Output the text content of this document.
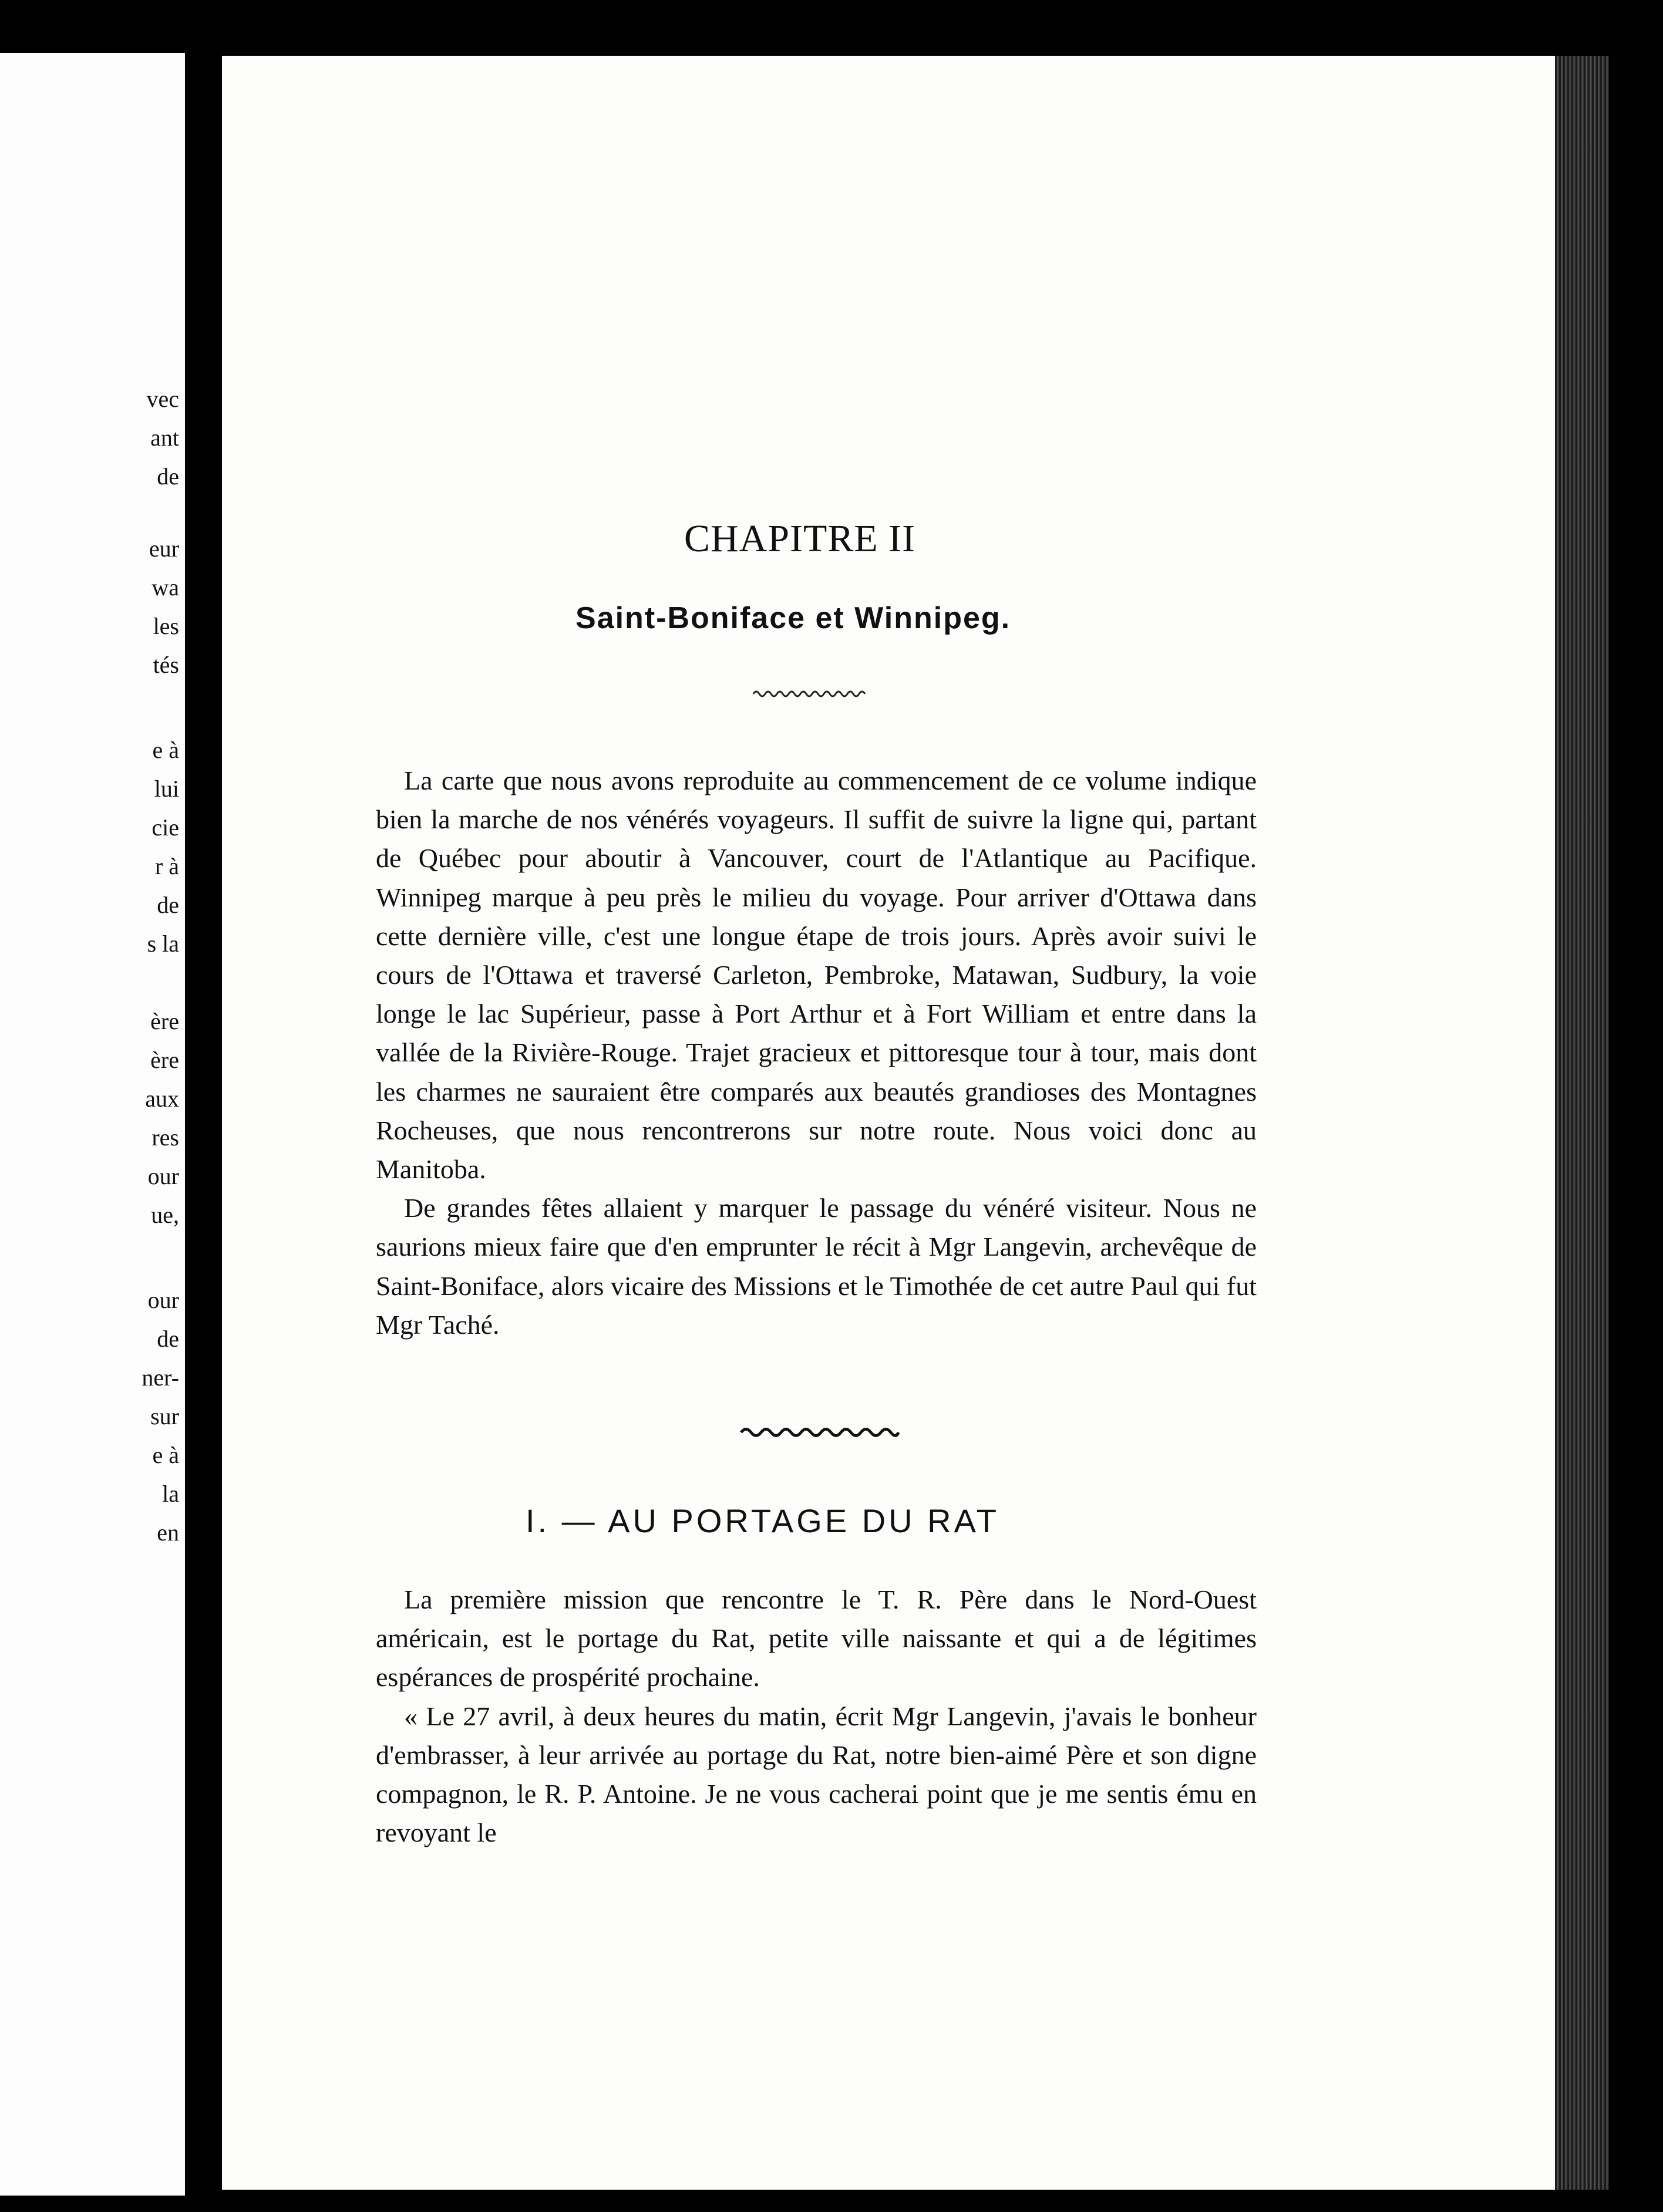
vec
ant
de
eur
wa
les
tés
e à
lui
cie
r à
de
s la
ère
ère
aux
res
our
ue,
our
de
ner-
sur
e à
la
en
CHAPITRE II
Saint-Boniface et Winnipeg.

La carte que nous avons reproduite au commencement de ce volume indique bien la marche de nos vénérés voyageurs. Il suffit de suivre la ligne qui, partant de Québec pour aboutir à Vancouver, court de l'Atlantique au Pacifique. Winnipeg marque à peu près le milieu du voyage. Pour arriver d'Ottawa dans cette dernière ville, c'est une longue étape de trois jours. Après avoir suivi le cours de l'Ottawa et traversé Carleton, Pembroke, Matawan, Sudbury, la voie longe le lac Supérieur, passe à Port Arthur et à Fort William et entre dans la vallée de la Rivière-Rouge. Trajet gracieux et pittoresque tour à tour, mais dont les charmes ne sauraient être comparés aux beautés grandioses des Montagnes Rocheuses, que nous rencontrerons sur notre route. Nous voici donc au Manitoba.

De grandes fêtes allaient y marquer le passage du vénéré visiteur. Nous ne saurions mieux faire que d'en emprunter le récit à Mgr Langevin, archevêque de Saint-Boniface, alors vicaire des Missions et le Timothée de cet autre Paul qui fut Mgr Taché.

I. — AU PORTAGE DU RAT

La première mission que rencontre le T. R. Père dans le Nord-Ouest américain, est le portage du Rat, petite ville naissante et qui a de légitimes espérances de prospérité prochaine.

« Le 27 avril, à deux heures du matin, écrit Mgr Langevin, j'avais le bonheur d'embrasser, à leur arrivée au portage du Rat, notre bien-aimé Père et son digne compagnon, le R. P. Antoine. Je ne vous cacherai point que je me sentis ému en revoyant le
